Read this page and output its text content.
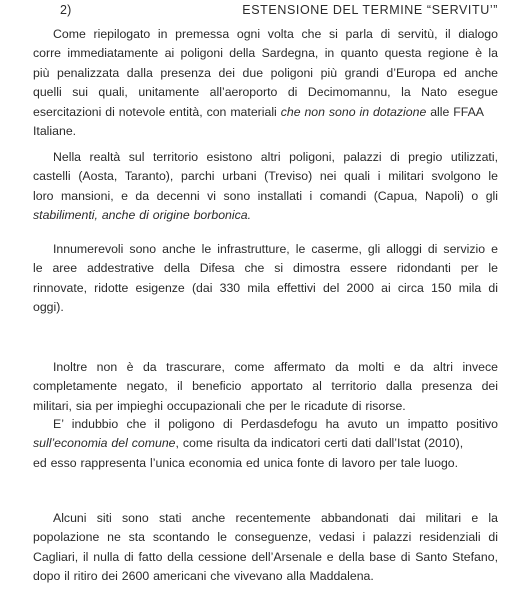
2)	ESTENSIONE DEL TERMINE “SERVITU’”
Come riepilogato in premessa ogni volta che si parla di servitù, il dialogo
corre immediatamente ai poligoni della Sardegna, in quanto questa regione è la
più penalizzata dalla presenza dei due poligoni più grandi d’Europa ed anche
quelli sui quali, unitamente all’aeroporto di Decimomannu, la Nato esegue
esercitazioni di notevole entità, con materiali che non sono in dotazione alle FFAA
Italiane.
Nella realtà sul territorio esistono altri poligoni, palazzi di pregio utilizzati,
castelli (Aosta, Taranto), parchi urbani (Treviso) nei quali i militari svolgono le
loro mansioni, e da decenni vi sono installati i comandi (Capua, Napoli) o gli
stabilimenti, anche di origine borbonica.
Innumerevoli sono anche le infrastrutture, le caserme, gli alloggi di servizio e
le aree addestrative della Difesa che si dimostra essere ridondanti per le
rinnovate, ridotte esigenze (dai 330 mila effettivi del 2000 ai circa 150 mila di
oggi).
Inoltre non è da trascurare, come affermato da molti e da altri invece
completamente negato, il beneficio apportato al territorio dalla presenza dei
militari, sia per impieghi occupazionali che per le ricadute di risorse.
E’ indubbio che il poligono di Perdasdefogu ha avuto un impatto positivo
sull’economia del comune, come risulta da indicatori certi dati dall’Istat (2010),
ed esso rappresenta l’unica economia ed unica fonte di lavoro per tale luogo.
Alcuni siti sono stati anche recentemente abbandonati dai militari e la
popolazione ne sta scontando le conseguenze, vedasi i palazzi residenziali di
Cagliari, il nulla di fatto della cessione dell’Arsenale e della base di Santo Stefano,
dopo il ritiro dei 2600 americani che vivevano alla Maddalena.
